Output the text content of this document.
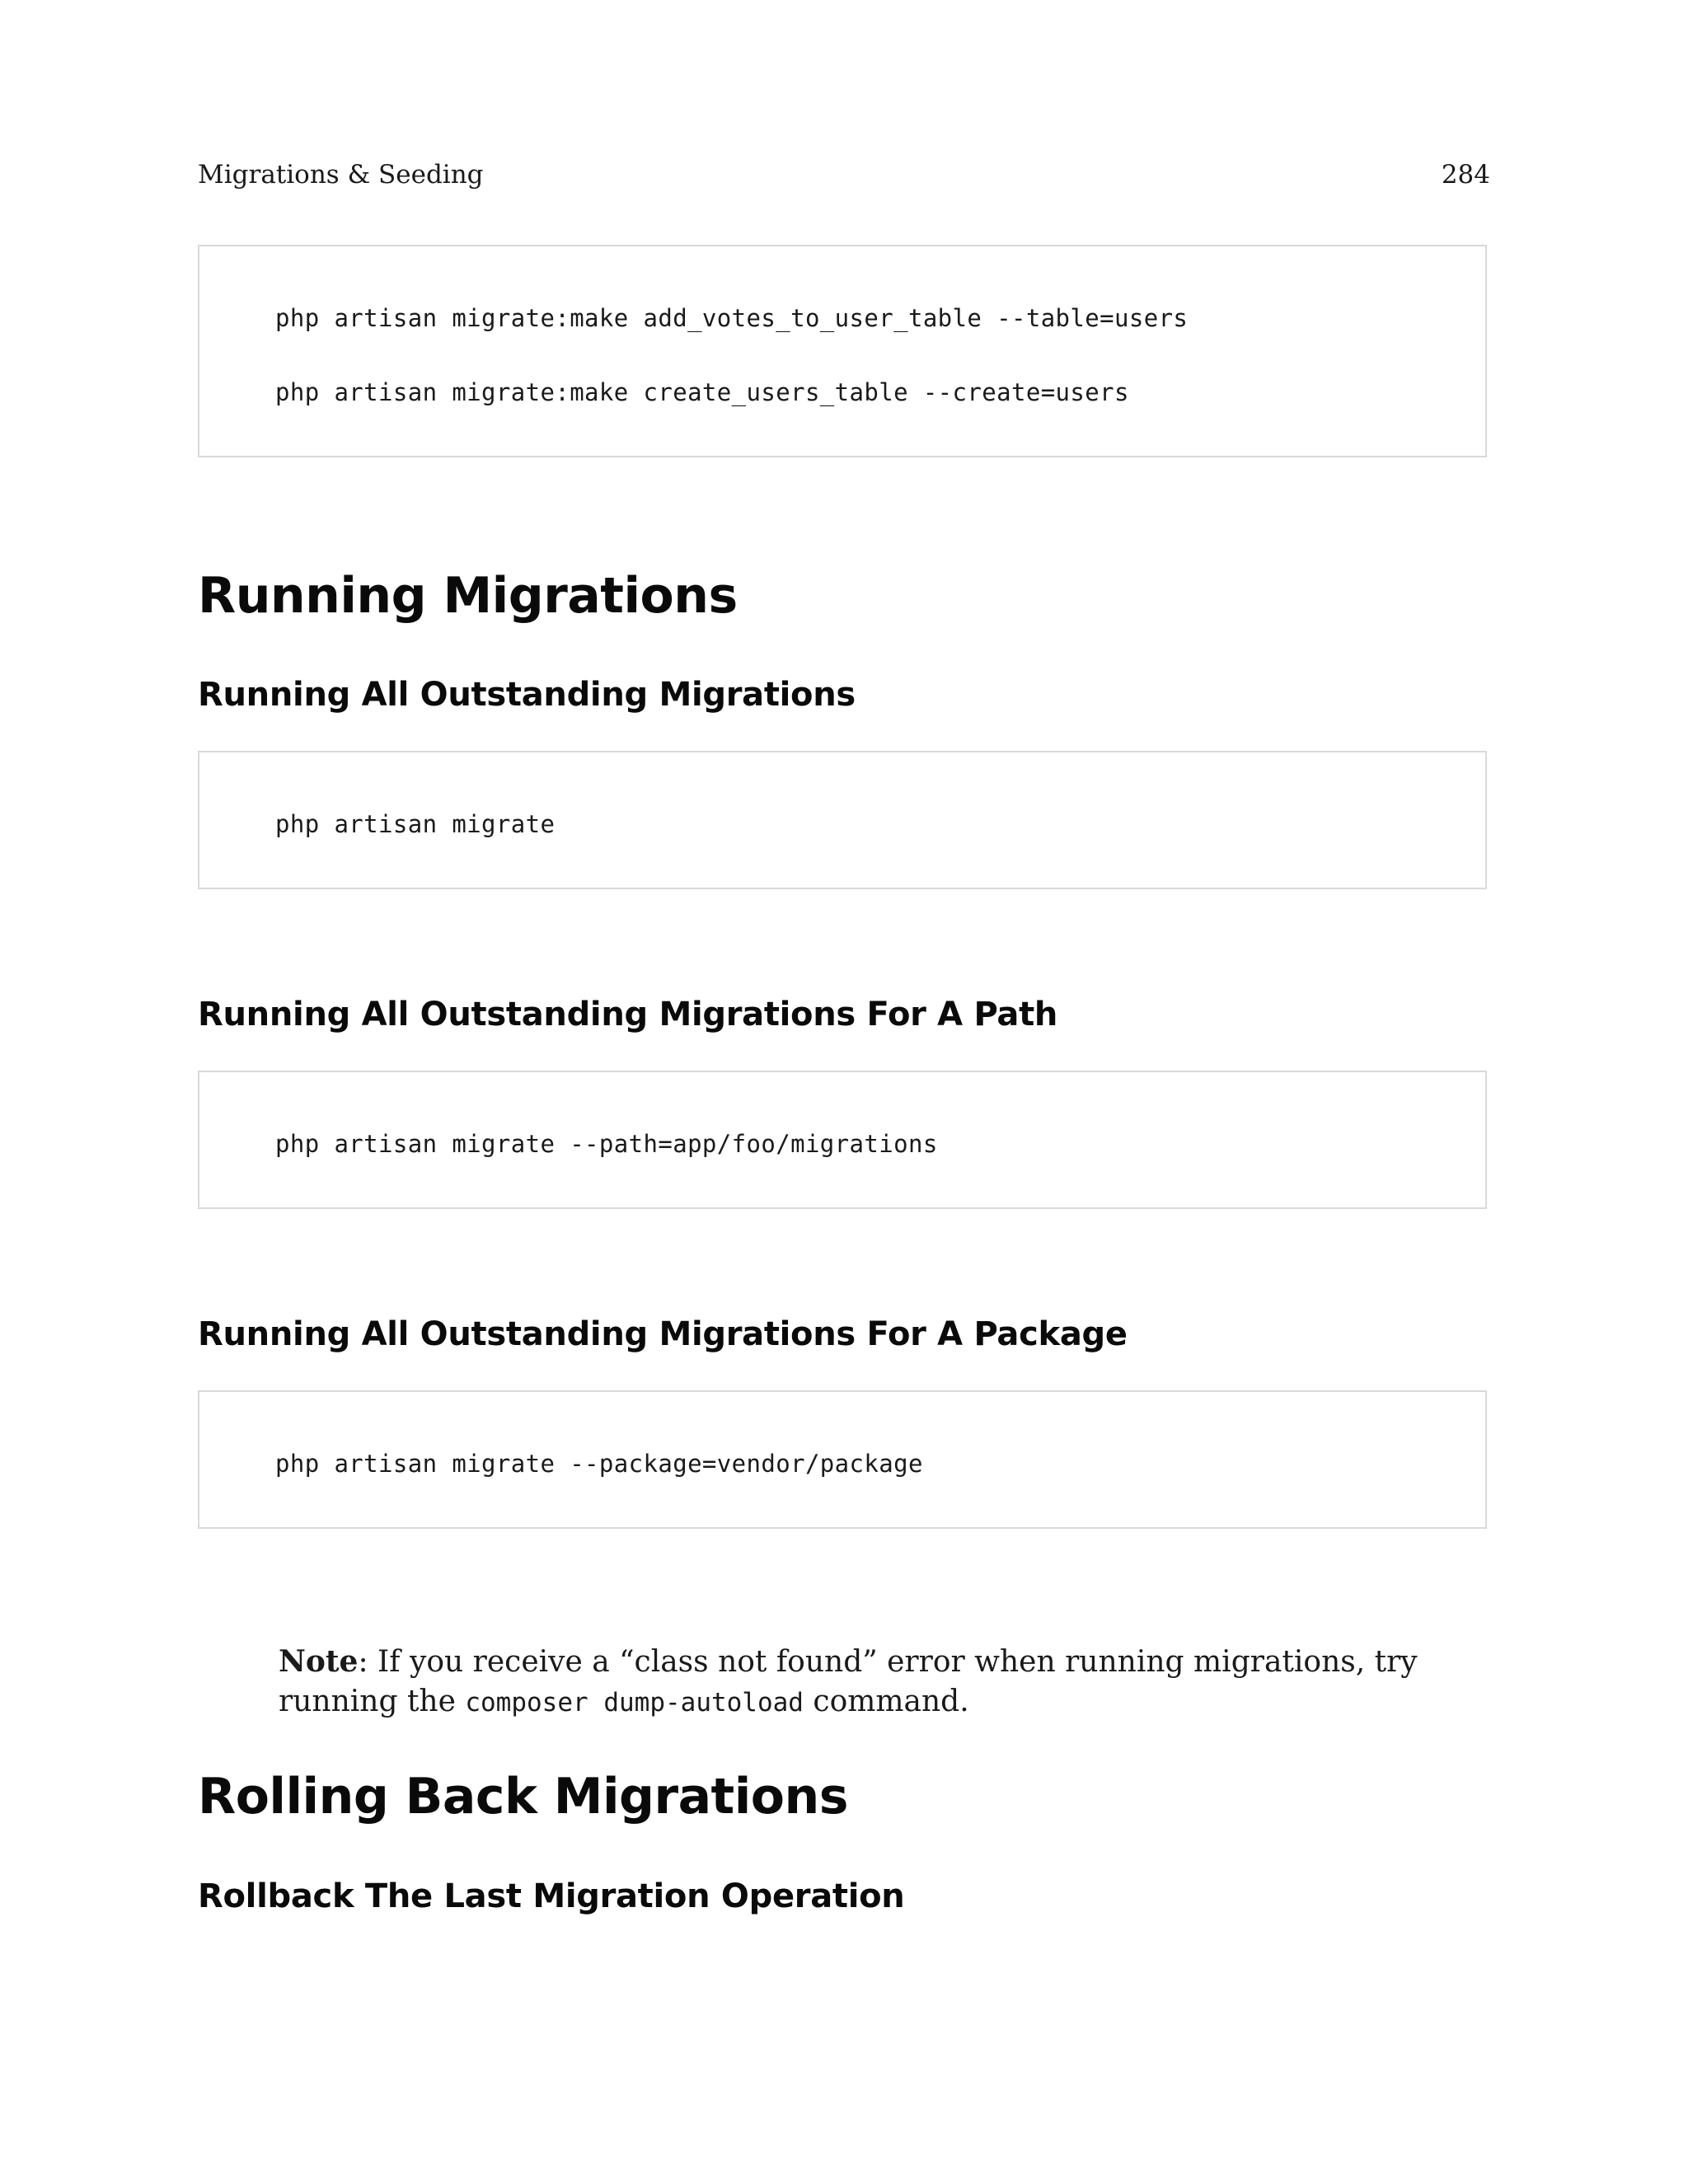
Migrations & Seeding	284
php artisan migrate:make add_votes_to_user_table --table=users
php artisan migrate:make create_users_table --create=users
Running Migrations
Running All Outstanding Migrations
php artisan migrate
Running All Outstanding Migrations For A Path
php artisan migrate --path=app/foo/migrations
Running All Outstanding Migrations For A Package
php artisan migrate --package=vendor/package
Note: If you receive a “class not found” error when running migrations, try running the composer dump-autoload command.
Rolling Back Migrations
Rollback The Last Migration Operation
